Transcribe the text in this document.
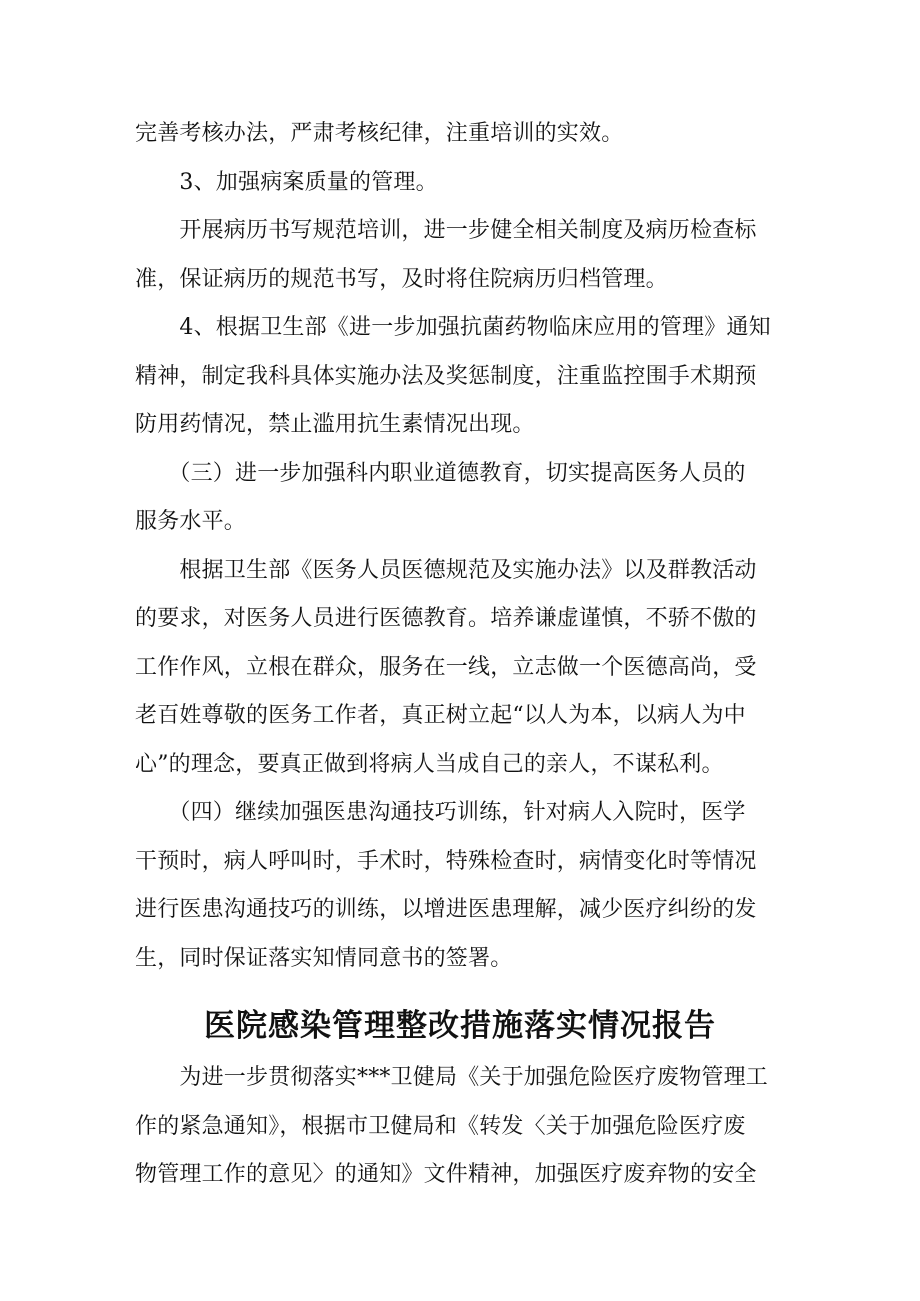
完善考核办法，严肃考核纪律，注重培训的实效。
　　3、加强病案质量的管理。
　　开展病历书写规范培训，进一步健全相关制度及病历检查标
准，保证病历的规范书写，及时将住院病历归档管理。
　　4、根据卫生部《进一步加强抗菌药物临床应用的管理》通知
精神，制定我科具体实施办法及奖惩制度，注重监控围手术期预
防用药情况，禁止滥用抗生素情况出现。
　　（三）进一步加强科内职业道德教育，切实提高医务人员的
服务水平。
　　根据卫生部《医务人员医德规范及实施办法》以及群教活动
的要求，对医务人员进行医德教育。培养谦虚谨慎，不骄不傲的
工作作风，立根在群众，服务在一线，立志做一个医德高尚，受
老百姓尊敬的医务工作者，真正树立起“以人为本，以病人为中
心”的理念，要真正做到将病人当成自己的亲人，不谋私利。
　　（四）继续加强医患沟通技巧训练，针对病人入院时，医学
干预时，病人呼叫时，手术时，特殊检查时，病情变化时等情况
进行医患沟通技巧的训练，以增进医患理解，减少医疗纠纷的发
生，同时保证落实知情同意书的签署。
医院感染管理整改措施落实情况报告
　　为进一步贯彻落实***卫健局《关于加强危险医疗废物管理工
作的紧急通知》，根据市卫健局和《转发〈关于加强危险医疗废
物管理工作的意见〉的通知》文件精神，加强医疗废弃物的安全
